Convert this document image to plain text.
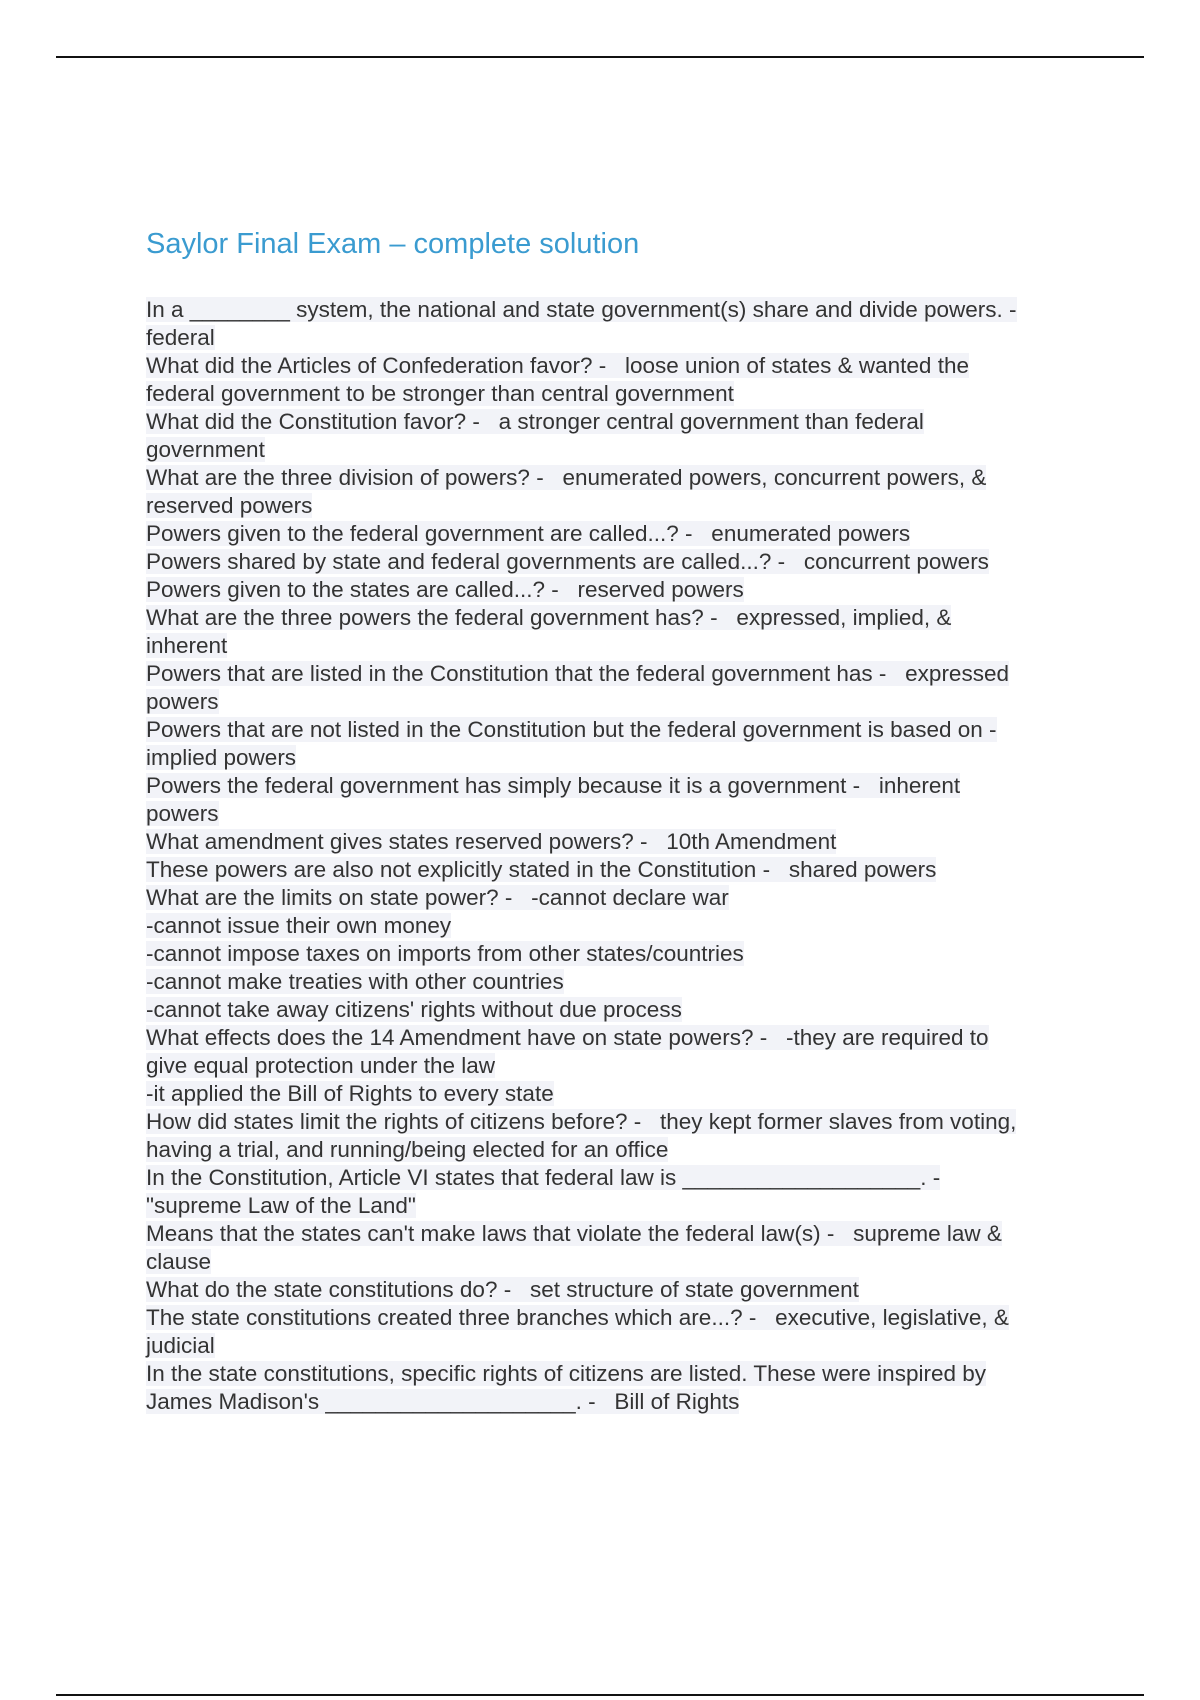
Saylor Final Exam – complete solution
In a ________ system, the national and state government(s) share and divide powers. -
federal
What did the Articles of Confederation favor? -   loose union of states & wanted the
federal government to be stronger than central government
What did the Constitution favor? -   a stronger central government than federal
government
What are the three division of powers? -   enumerated powers, concurrent powers, &
reserved powers
Powers given to the federal government are called...? -   enumerated powers
Powers shared by state and federal governments are called...? -   concurrent powers
Powers given to the states are called...? -   reserved powers
What are the three powers the federal government has? -   expressed, implied, &
inherent
Powers that are listed in the Constitution that the federal government has -   expressed
powers
Powers that are not listed in the Constitution but the federal government is based on -
implied powers
Powers the federal government has simply because it is a government -   inherent
powers
What amendment gives states reserved powers? -   10th Amendment
These powers are also not explicitly stated in the Constitution -   shared powers
What are the limits on state power? -   -cannot declare war
-cannot issue their own money
-cannot impose taxes on imports from other states/countries
-cannot make treaties with other countries
-cannot take away citizens' rights without due process
What effects does the 14 Amendment have on state powers? -   -they are required to
give equal protection under the law
-it applied the Bill of Rights to every state
How did states limit the rights of citizens before? -   they kept former slaves from voting,
having a trial, and running/being elected for an office
In the Constitution, Article VI states that federal law is ___________________. -
"supreme Law of the Land"
Means that the states can't make laws that violate the federal law(s) -   supreme law &
clause
What do the state constitutions do? -   set structure of state government
The state constitutions created three branches which are...? -   executive, legislative, &
judicial
In the state constitutions, specific rights of citizens are listed. These were inspired by
James Madison's ____________________. -   Bill of Rights
